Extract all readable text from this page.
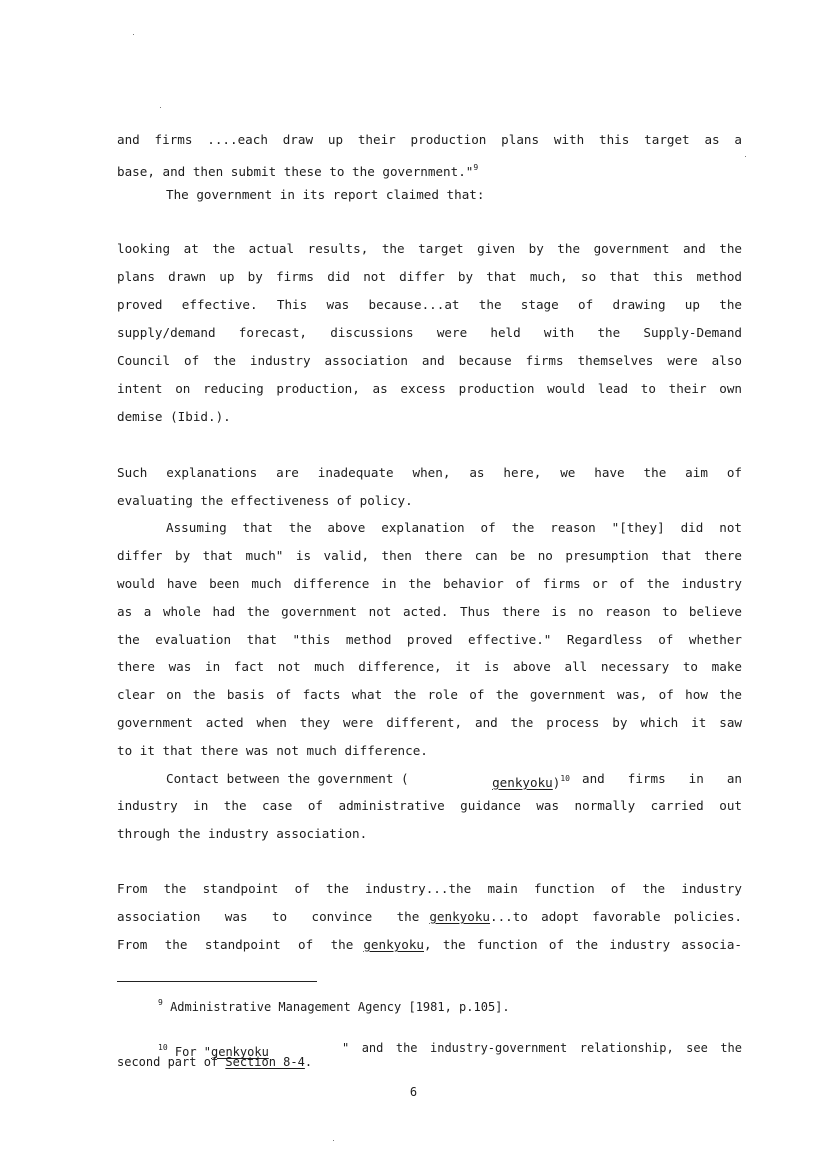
and firms ....each draw up their production plans with this target as a
base, and then submit these to the government."$^9$
The government in its report claimed that:
looking at the actual results, the target given by the government and the
plans drawn up by firms did not differ by that much, so that this method
proved effective. This was because...at the stage of drawing up the
supply/demand forecast, discussions were held with the Supply-Demand
Council of the industry association and because firms themselves were also
intent on reducing production, as excess production would lead to their own
demise (Ibid.).
Such explanations are inadequate when, as here, we have the aim of
evaluating the effectiveness of policy.
Assuming that the above explanation of the reason "[they] did not
differ by that much" is valid, then there can be no presumption that there
would have been much difference in the behavior of firms or of the industry
as a whole had the government not acted. Thus there is no reason to believe
the evaluation that "this method proved effective." Regardless of whether
there was in fact not much difference, it is above all necessary to make
clear on the basis of facts what the role of the government was, of how the
government acted when they were different, and the process by which it saw
to it that there was not much difference.
Contact between the government (	genkyoku)$^{10}$ and firms in an
industry in the case of administrative guidance was normally carried out
through the industry association.
From the standpoint of the industry...the main function of the industry
association was to convince the genkyoku...to adopt favorable policies.
From the standpoint of the genkyoku, the function of the industry associa-
$^9$ Administrative Management Agency [1981, p.105].
$^{10}$ For "genkyoku	" and the industry-government relationship, see the
second part of Section 8-4.
6
